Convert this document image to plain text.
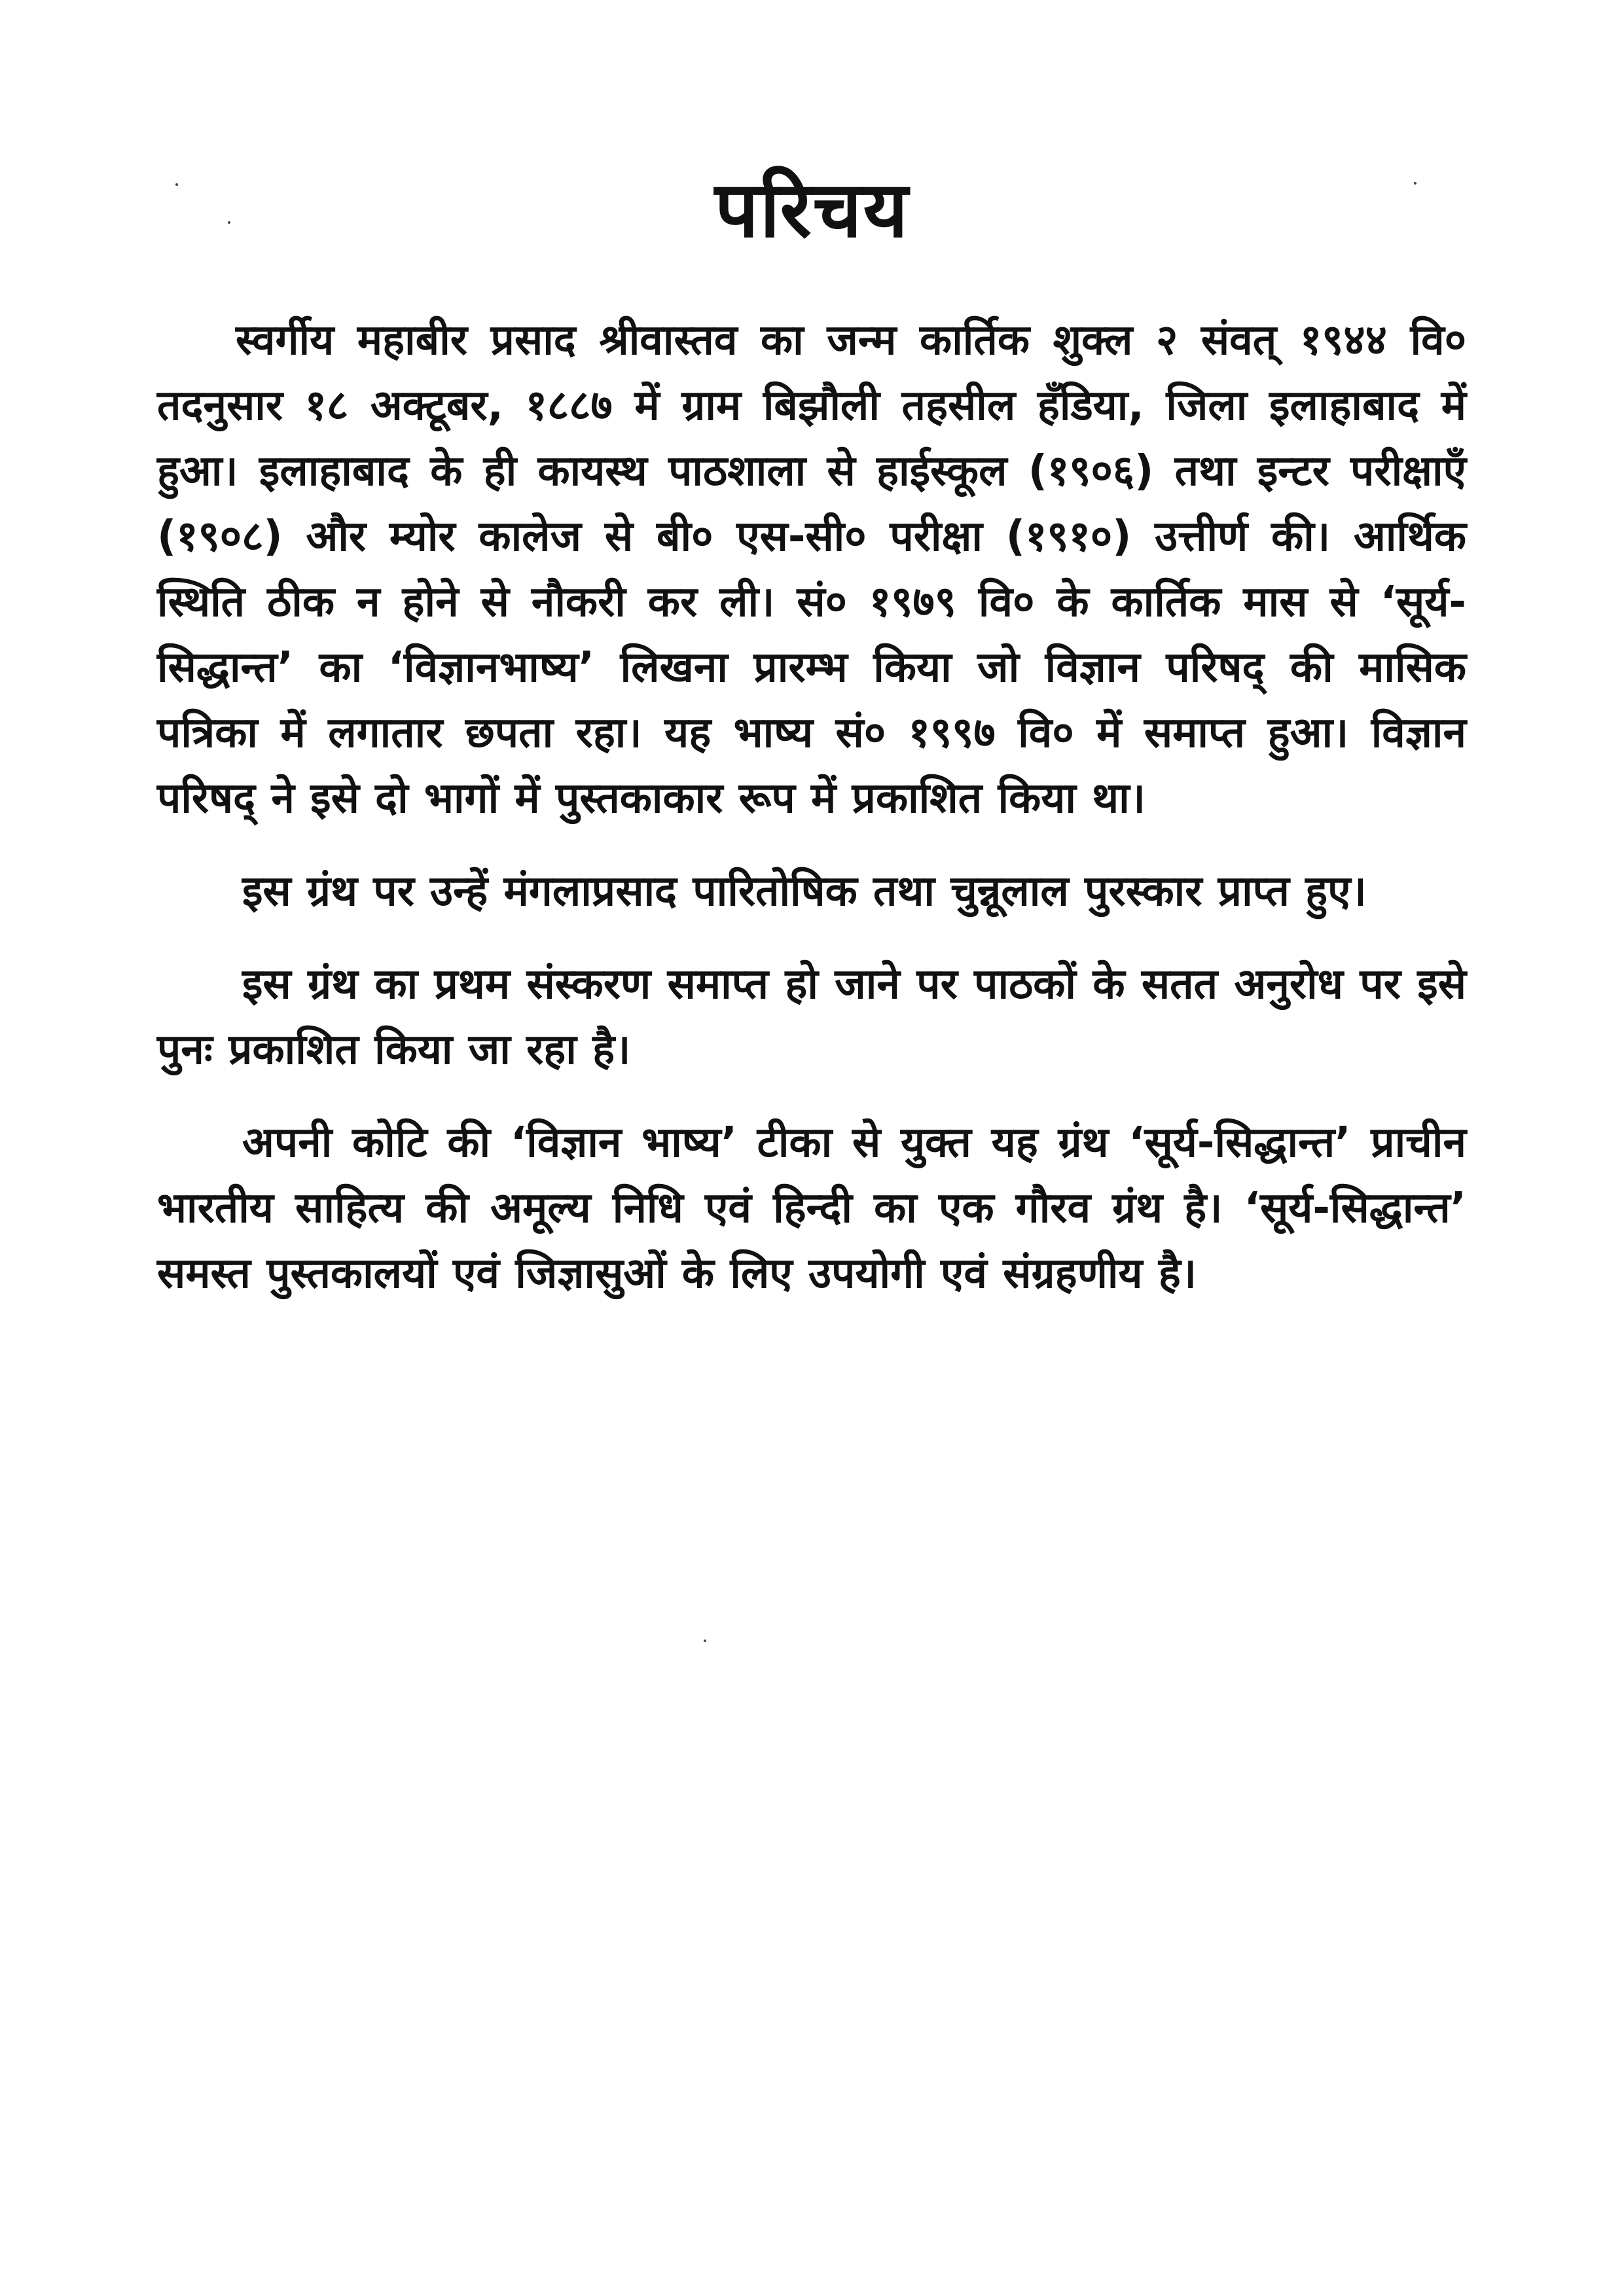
परिचय

स्वर्गीय महाबीर प्रसाद श्रीवास्तव का जन्म कार्तिक शुक्ल २ संवत् १९४४ वि० तदनुसार १८ अक्टूबर, १८८७ में ग्राम बिझौली तहसील हँडिया, जिला इलाहाबाद में हुआ। इलाहाबाद के ही कायस्थ पाठशाला से हाईस्कूल (१९०६) तथा इन्टर परीक्षाएँ (१९०८) और म्योर कालेज से बी० एस-सी० परीक्षा (१९१०) उत्तीर्ण की। आर्थिक स्थिति ठीक न होने से नौकरी कर ली। सं० १९७९ वि० के कार्तिक मास से ‘सूर्य-सिद्धान्त’ का ‘विज्ञानभाष्य’ लिखना प्रारम्भ किया जो विज्ञान परिषद् की मासिक पत्रिका में लगातार छपता रहा। यह भाष्य सं० १९९७ वि० में समाप्त हुआ। विज्ञान परिषद् ने इसे दो भागों में पुस्तकाकार रूप में प्रकाशित किया था।

इस ग्रंथ पर उन्हें मंगलाप्रसाद पारितोषिक तथा चुन्नूलाल पुरस्कार प्राप्त हुए।

इस ग्रंथ का प्रथम संस्करण समाप्त हो जाने पर पाठकों के सतत अनुरोध पर इसे पुनः प्रकाशित किया जा रहा है।

अपनी कोटि की ‘विज्ञान भाष्य’ टीका से युक्त यह ग्रंथ ‘सूर्य-सिद्धान्त’ प्राचीन भारतीय साहित्य की अमूल्य निधि एवं हिन्दी का एक गौरव ग्रंथ है। ‘सूर्य-सिद्धान्त’ समस्त पुस्तकालयों एवं जिज्ञासुओं के लिए उपयोगी एवं संग्रहणीय है।
